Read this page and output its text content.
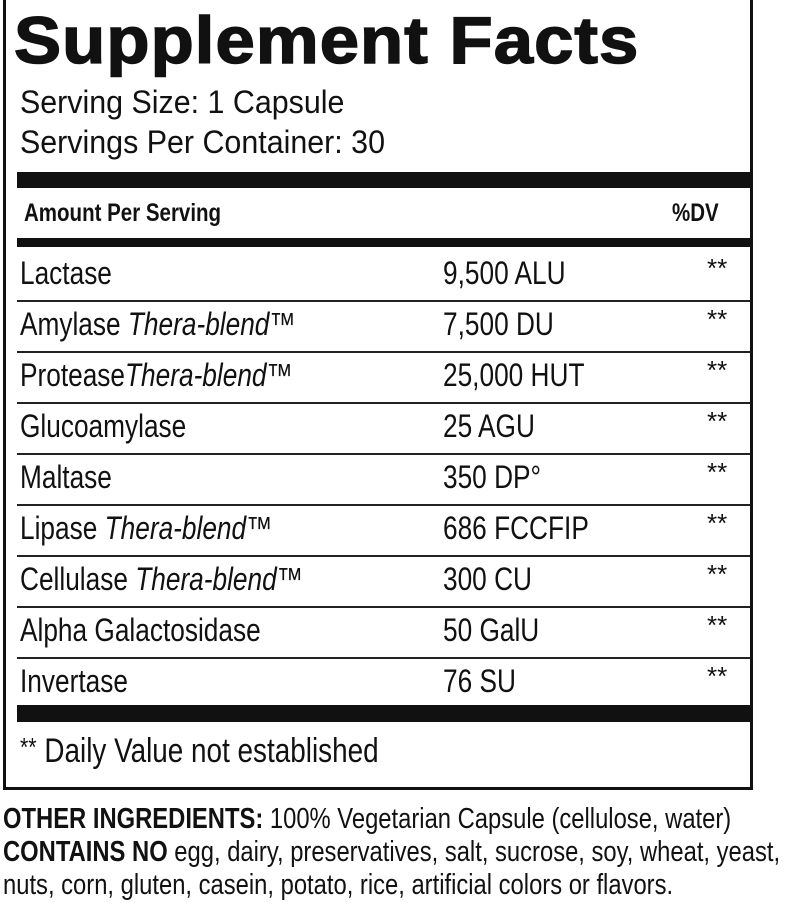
Supplement Facts
Serving Size: 1 Capsule
Servings Per Container: 30
Amount Per Serving	%DV
Lactase	9,500 ALU	**
Amylase Thera-blend™	7,500 DU	**
ProteaseThera-blend™	25,000 HUT	**
Glucoamylase	25 AGU	**
Maltase	350 DP°	**
Lipase Thera-blend™	686 FCCFIP	**
Cellulase Thera-blend™	300 CU	**
Alpha Galactosidase	50 GalU	**
Invertase	76 SU	**
** Daily Value not established
OTHER INGREDIENTS: 100% Vegetarian Capsule (cellulose, water)
CONTAINS NO egg, dairy, preservatives, salt, sucrose, soy, wheat, yeast,
nuts, corn, gluten, casein, potato, rice, artificial colors or flavors.
